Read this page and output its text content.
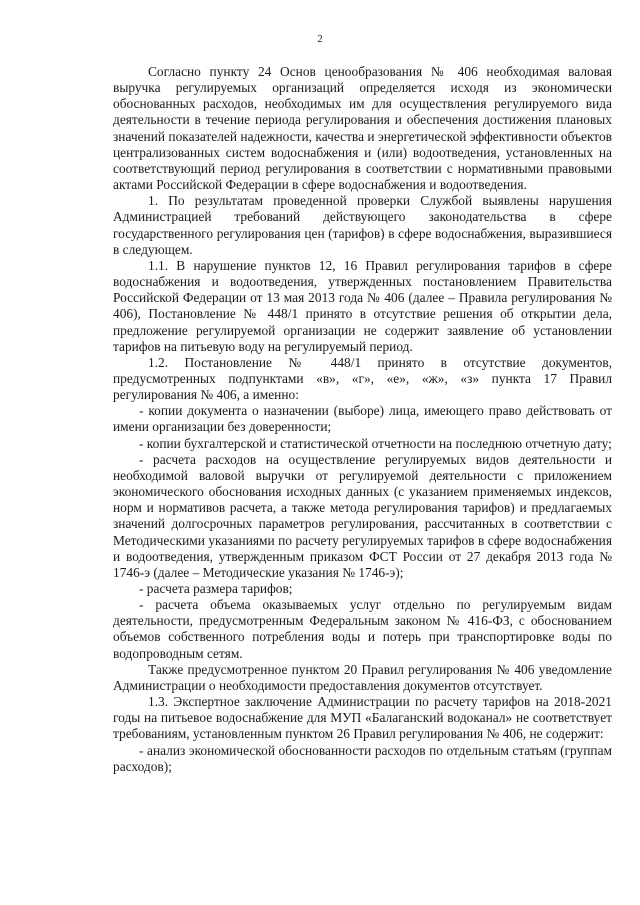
2

Согласно пункту 24 Основ ценообразования № 406 необходимая валовая выручка регулируемых организаций определяется исходя из экономически обоснованных расходов, необходимых им для осуществления регулируемого вида деятельности в течение периода регулирования и обеспечения достижения плановых значений показателей надежности, качества и энергетической эффективности объектов централизованных систем водоснабжения и (или) водоотведения, установленных на соответствующий период регулирования в соответствии с нормативными правовыми актами Российской Федерации в сфере водоснабжения и водоотведения.

1. По результатам проведенной проверки Службой выявлены нарушения Администрацией требований действующего законодательства в сфере государственного регулирования цен (тарифов) в сфере водоснабжения, выразившиеся в следующем.

1.1. В нарушение пунктов 12, 16 Правил регулирования тарифов в сфере водоснабжения и водоотведения, утвержденных постановлением Правительства Российской Федерации от 13 мая 2013 года № 406 (далее – Правила регулирования № 406), Постановление № 448/1 принято в отсутствие решения об открытии дела, предложение регулируемой организации не содержит заявление об установлении тарифов на питьевую воду на регулируемый период.

1.2. Постановление № 448/1 принято в отсутствие документов, предусмотренных подпунктами «в», «г», «е», «ж», «з» пункта 17 Правил регулирования № 406, а именно:

- копии документа о назначении (выборе) лица, имеющего право действовать от имени организации без доверенности;

- копии бухгалтерской и статистической отчетности на последнюю отчетную дату;

- расчета расходов на осуществление регулируемых видов деятельности и необходимой валовой выручки от регулируемой деятельности с приложением экономического обоснования исходных данных (с указанием применяемых индексов, норм и нормативов расчета, а также метода регулирования тарифов) и предлагаемых значений долгосрочных параметров регулирования, рассчитанных в соответствии с Методическими указаниями по расчету регулируемых тарифов в сфере водоснабжения и водоотведения, утвержденным приказом ФСТ России от 27 декабря 2013 года № 1746-э (далее – Методические указания № 1746-э);

- расчета размера тарифов;

- расчета объема оказываемых услуг отдельно по регулируемым видам деятельности, предусмотренным Федеральным законом № 416-ФЗ, с обоснованием объемов собственного потребления воды и потерь при транспортировке воды по водопроводным сетям.

Также предусмотренное пунктом 20 Правил регулирования № 406 уведомление Администрации о необходимости предоставления документов отсутствует.

1.3. Экспертное заключение Администрации по расчету тарифов на 2018-2021 годы на питьевое водоснабжение для МУП «Балаганский водоканал» не соответствует требованиям, установленным пунктом 26 Правил регулирования № 406, не содержит:

- анализ экономической обоснованности расходов по отдельным статьям (группам расходов);
